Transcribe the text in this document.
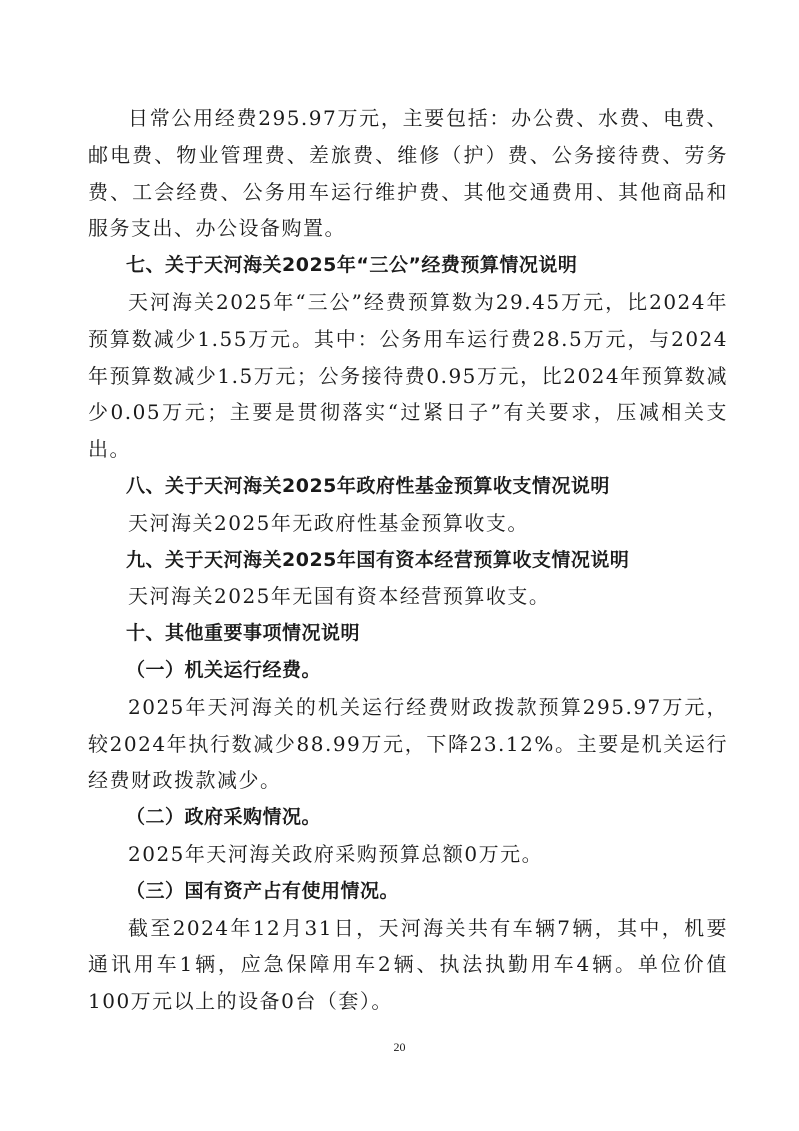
日常公用经费295.97万元，主要包括：办公费、水费、电费、邮电费、物业管理费、差旅费、维修（护）费、公务接待费、劳务费、工会经费、公务用车运行维护费、其他交通费用、其他商品和服务支出、办公设备购置。

七、关于天河海关2025年“三公”经费预算情况说明

天河海关2025年“三公”经费预算数为29.45万元，比2024年预算数减少1.55万元。其中：公务用车运行费28.5万元，与2024年预算数减少1.5万元；公务接待费0.95万元，比2024年预算数减少0.05万元；主要是贯彻落实“过紧日子”有关要求，压减相关支出。

八、关于天河海关2025年政府性基金预算收支情况说明

天河海关2025年无政府性基金预算收支。

九、关于天河海关2025年国有资本经营预算收支情况说明

天河海关2025年无国有资本经营预算收支。

十、其他重要事项情况说明

（一）机关运行经费。

2025年天河海关的机关运行经费财政拨款预算295.97万元，较2024年执行数减少88.99万元，下降23.12%。主要是机关运行经费财政拨款减少。

（二）政府采购情况。

2025年天河海关政府采购预算总额0万元。

（三）国有资产占有使用情况。

截至2024年12月31日，天河海关共有车辆7辆，其中，机要通讯用车1辆，应急保障用车2辆、执法执勤用车4辆。单位价值100万元以上的设备0台（套）。

20
